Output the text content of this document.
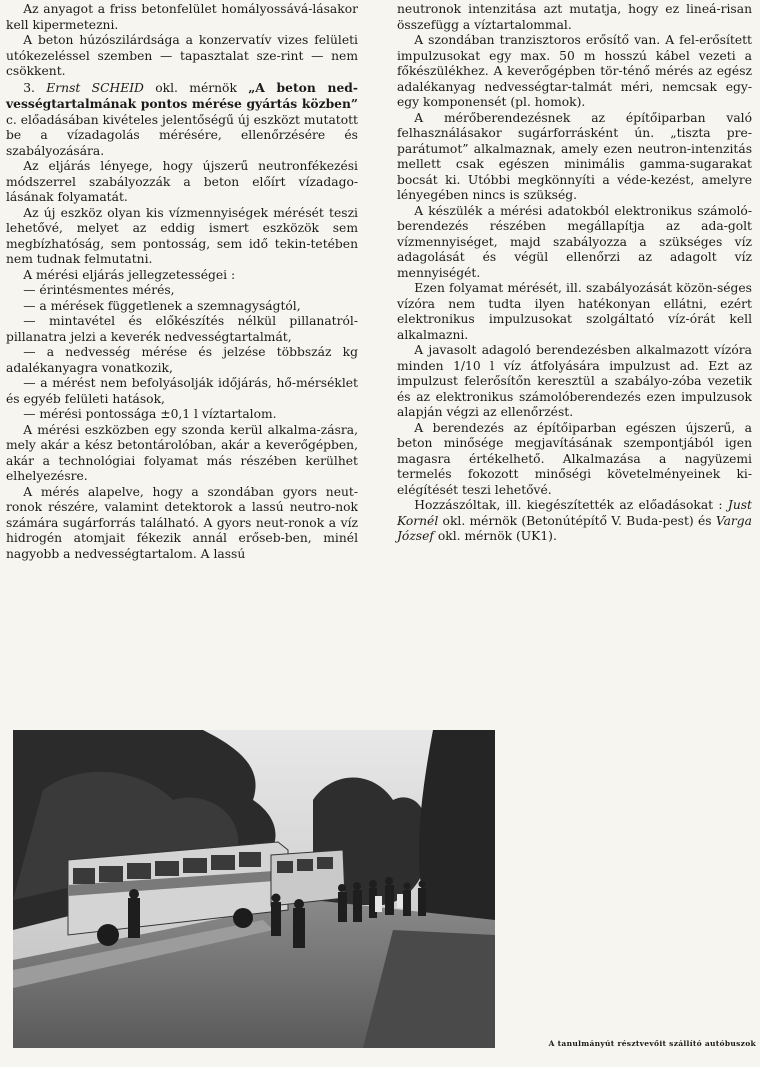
Az anyagot a friss betonfelület homályossává-lásakor kell kipermetezni.

A beton húzószilárdsága a konzervatív vizes felületi utókezeléssel szemben — tapasztalat sze-rint — nem csökkent.

3. Ernst SCHEID okl. mérnök „A beton ned-vességtartalmának pontos mérése gyártás közben” c. előadásában kivételes jelentőségű új eszközt mutatott be a vízadagolás mérésére, ellenőrzésére és szabályozására.

Az eljárás lényege, hogy újszerű neutronfékezési módszerrel szabályozzák a beton előírt vízadago-lásának folyamatát.

Az új eszköz olyan kis vízmennyiségek mérését teszi lehetővé, melyet az eddig ismert eszközök sem megbízhatóság, sem pontosság, sem idő tekin-tetében nem tudnak felmutatni.

A mérési eljárás jellegzetességei :

— érintésmentes mérés,

— a mérések függetlenek a szemnagyságtól,

— mintavétel és előkészítés nélkül pillanatról-pillanatra jelzi a keverék nedvességtartalmát,

— a nedvesség mérése és jelzése többszáz kg adalékanyagra vonatkozik,

— a mérést nem befolyásolják időjárás, hő-mérséklet és egyéb felületi hatások,

— mérési pontossága ±0,1 l víztartalom.

A mérési eszközben egy szonda kerül alkalma-zásra, mely akár a kész betontárolóban, akár a keverőgépben, akár a technológiai folyamat más részében kerülhet elhelyezésre.

A mérés alapelve, hogy a szondában gyors neut-ronok részére, valamint detektorok a lassú neutro-nok számára sugárforrás található. A gyors neut-ronok a víz hidrogén atomjait fékezik annál erőseb-ben, minél nagyobb a nedvességtartalom. A lassú

neutronok intenzitása azt mutatja, hogy ez lineá-risan összefügg a víztartalommal.

A szondában tranzisztoros erősítő van. A fel-erősített impulzusokat egy max. 50 m hosszú kábel vezeti a főkészülékhez. A keverőgépben tör-ténő mérés az egész adalékanyag nedvességtar-talmát méri, nemcsak egy-egy komponensét (pl. homok).

A mérőberendezésnek az építőiparban való felhasználásakor sugárforrásként ún. „tiszta pre-parátumot” alkalmaznak, amely ezen neutron-intenzitás mellett csak egészen minimális gamma-sugarakat bocsát ki. Utóbbi megkönnyíti a véde-kezést, amelyre lényegében nincs is szükség.

A készülék a mérési adatokból elektronikus számoló-berendezés részében megállapítja az ada-golt vízmennyiséget, majd szabályozza a szükséges víz adagolását és végül ellenőrzi az adagolt víz mennyiségét.

Ezen folyamat mérését, ill. szabályozását közön-séges vízóra nem tudta ilyen hatékonyan ellátni, ezért elektronikus impulzusokat szolgáltató víz-órát kell alkalmazni.

A javasolt adagoló berendezésben alkalmazott vízóra minden 1/10 l víz átfolyására impulzust ad. Ezt az impulzust felerősítőn keresztül a szabályo-zóba vezetik és az elektronikus számolóberendezés ezen impulzusok alapján végzi az ellenőrzést.

A berendezés az építőiparban egészen újszerű, a beton minősége megjavításának szempontjából igen magasra értékelhető. Alkalmazása a nagyüzemi termelés fokozott minőségi követelményeinek ki-elégítését teszi lehetővé.

Hozzászóltak, ill. kiegészítették az előadásokat : Just Kornél okl. mérnök (Betonútépítő V. Buda-pest) és Varga József okl. mérnök (UK1).

A tanulmányút résztvevőit szállító autóbuszok
